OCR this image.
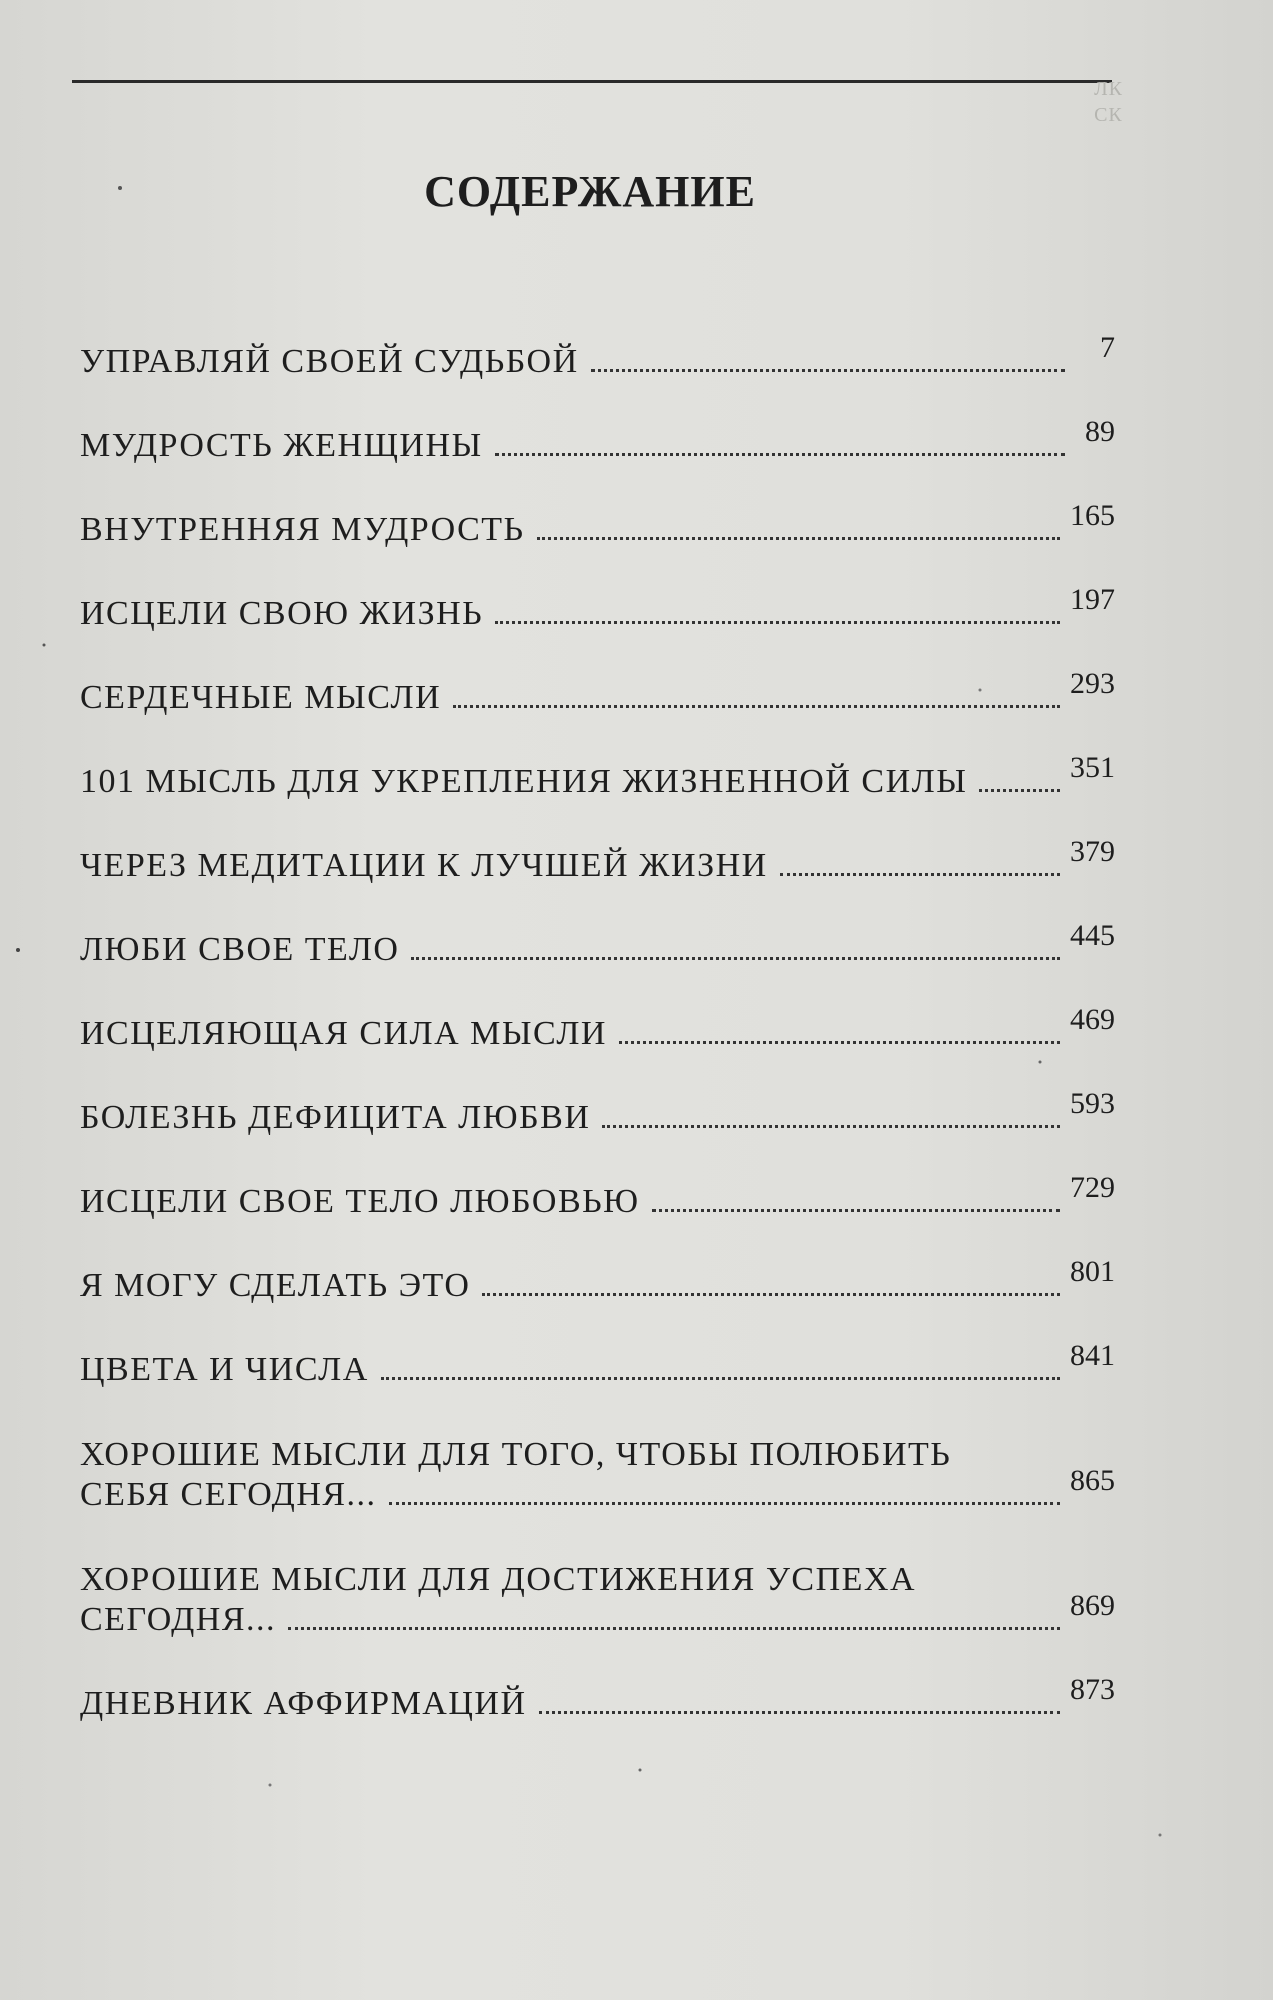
ЛК
СК
СОДЕРЖАНИЕ
УПРАВЛЯЙ СВОЕЙ СУДЬБОЙ	7
МУДРОСТЬ ЖЕНЩИНЫ	89
ВНУТРЕННЯЯ МУДРОСТЬ	165
ИСЦЕЛИ СВОЮ ЖИЗНЬ	197
СЕРДЕЧНЫЕ МЫСЛИ	293
101 МЫСЛЬ ДЛЯ УКРЕПЛЕНИЯ ЖИЗНЕННОЙ СИЛЫ	351
ЧЕРЕЗ МЕДИТАЦИИ К ЛУЧШЕЙ ЖИЗНИ	379
ЛЮБИ СВОЕ ТЕЛО	445
ИСЦЕЛЯЮЩАЯ СИЛА МЫСЛИ	469
БОЛЕЗНЬ ДЕФИЦИТА ЛЮБВИ	593
ИСЦЕЛИ СВОЕ ТЕЛО ЛЮБОВЬЮ	729
Я МОГУ СДЕЛАТЬ ЭТО	801
ЦВЕТА И ЧИСЛА	841
ХОРОШИЕ МЫСЛИ ДЛЯ ТОГО, ЧТОБЫ ПОЛЮБИТЬ
СЕБЯ СЕГОДНЯ...	865
ХОРОШИЕ МЫСЛИ ДЛЯ ДОСТИЖЕНИЯ УСПЕХА
СЕГОДНЯ...	869
ДНЕВНИК АФФИРМАЦИЙ	873
